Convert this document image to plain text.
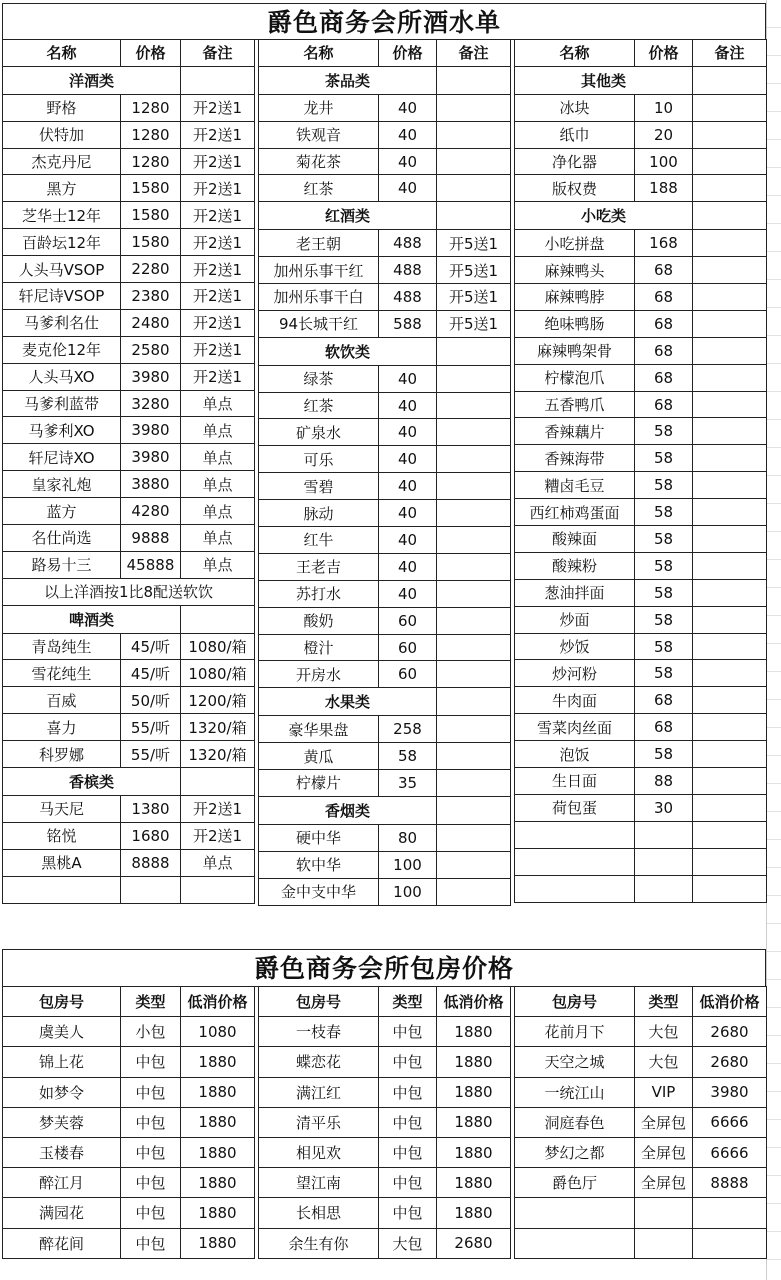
爵色商务会所酒水单
名称	价格	备注
洋酒类		
野格	1280	开2送1
伏特加	1280	开2送1
杰克丹尼	1280	开2送1
黑方	1580	开2送1
芝华士12年	1580	开2送1
百龄坛12年	1580	开2送1
人头马VSOP	2280	开2送1
轩尼诗VSOP	2380	开2送1
马爹利名仕	2480	开2送1
麦克伦12年	2580	开2送1
人头马XO	3980	开2送1
马爹利蓝带	3280	单点
马爹利XO	3980	单点
轩尼诗XO	3980	单点
皇家礼炮	3880	单点
蓝方	4280	单点
名仕尚选	9888	单点
路易十三	45888	单点
以上洋酒按1比8配送软饮		
啤酒类		
青岛纯生	45/听	1080/箱
雪花纯生	45/听	1080/箱
百威	50/听	1200/箱
喜力	55/听	1320/箱
科罗娜	55/听	1320/箱
香槟类		
马天尼	1380	开2送1
铭悦	1680	开2送1
黑桃A	8888	单点

名称	价格	备注
茶品类		
龙井	40	
铁观音	40	
菊花茶	40	
红茶	40	
红酒类		
老王朝	488	开5送1
加州乐事干红	488	开5送1
加州乐事干白	488	开5送1
94长城干红	588	开5送1
软饮类		
绿茶	40	
红茶	40	
矿泉水	40	
可乐	40	
雪碧	40	
脉动	40	
红牛	40	
王老吉	40	
苏打水	40	
酸奶	60	
橙汁	60	
开房水	60	
水果类		
豪华果盘	258	
黄瓜	58	
柠檬片	35	
香烟类		
硬中华	80	
软中华	100	
金中支中华	100	
名称	价格	备注
其他类		
冰块	10	
纸巾	20	
净化器	100	
版权费	188	
小吃类		
小吃拼盘	168	
麻辣鸭头	68	
麻辣鸭脖	68	
绝味鸭肠	68	
麻辣鸭架骨	68	
柠檬泡爪	68	
五香鸭爪	68	
香辣藕片	58	
香辣海带	58	
糟卤毛豆	58	
西红柿鸡蛋面	58	
酸辣面	58	
酸辣粉	58	
葱油拌面	58	
炒面	58	
炒饭	58	
炒河粉	58	
牛肉面	68	
雪菜肉丝面	68	
泡饭	58	
生日面	88	
荷包蛋	30	

爵色商务会所包房价格
包房号	类型	低消价格
虞美人	小包	1080
锦上花	中包	1880
如梦令	中包	1880
梦芙蓉	中包	1880
玉楼春	中包	1880
醉江月	中包	1880
满园花	中包	1880
醉花间	中包	1880
包房号	类型	低消价格
一枝春	中包	1880
蝶恋花	中包	1880
满江红	中包	1880
清平乐	中包	1880
相见欢	中包	1880
望江南	中包	1880
长相思	中包	1880
余生有你	大包	2680
包房号	类型	低消价格
花前月下	大包	2680
天空之城	大包	2680
一统江山	VIP	3980
洞庭春色	全屏包	6666
梦幻之都	全屏包	6666
爵色厅	全屏包	8888
